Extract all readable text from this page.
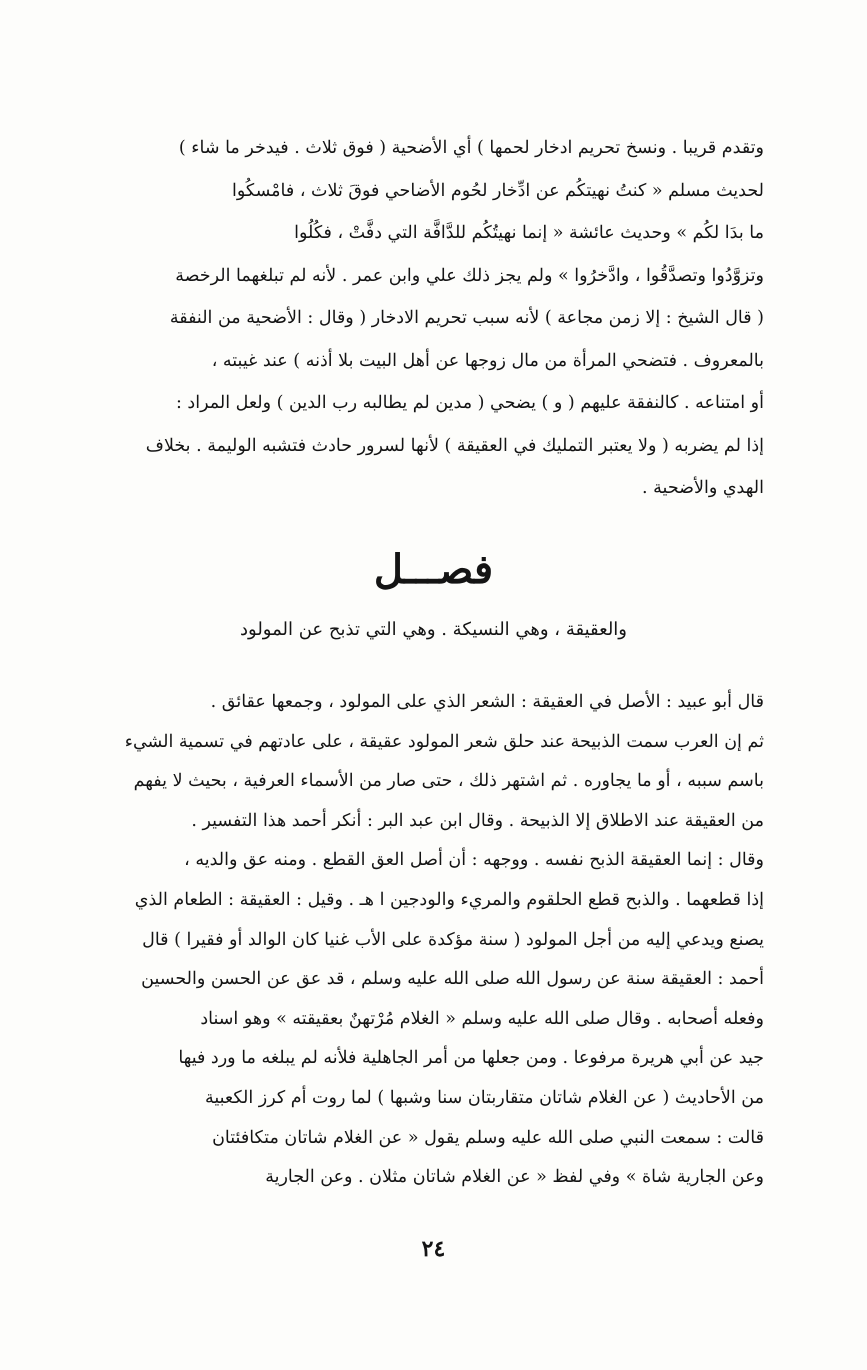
وتقدم قريبا . ونسخ تحريم ادخار لحمها ) أي الأضحية ( فوق ثلاث . فيدخر ما شاء )
لحديث مسلم « كنتُ نهيتكُم عن ادِّخار لحُوم الأضاحي فوقَ ثلاث ، فامْسكُوا
ما بدَا لكُم » وحديث عائشة « إنما نهيتُكُم للدَّافَّة التي دفَّتْ ، فكُلُوا
وتزوَّدُوا وتصدَّقُوا ، وادَّخرُوا » ولم يجز ذلك علي وابن عمر . لأنه لم تبلغهما الرخصة
( قال الشيخ : إلا زمن مجاعة ) لأنه سبب تحريم الادخار ( وقال : الأضحية من النفقة
بالمعروف . فتضحي المرأة من مال زوجها عن أهل البيت بلا أذنه ) عند غيبته ،
أو امتناعه . كالنفقة عليهم ( و ) يضحي ( مدين لم يطالبه رب الدين ) ولعل المراد :
إذا لم يضربه ( ولا يعتبر التمليك في العقيقة ) لأنها لسرور حادث فتشبه الوليمة . بخلاف
الهدي والأضحية .
فصـــل

والعقيقة ، وهي النسيكة . وهي التي تذبح عن المولود

قال أبو عبيد : الأصل في العقيقة : الشعر الذي على المولود ، وجمعها عقائق .
ثم إن العرب سمت الذبيحة عند حلق شعر المولود عقيقة ، على عادتهم في تسمية الشيء
باسم سببه ، أو ما يجاوره . ثم اشتهر ذلك ، حتى صار من الأسماء العرفية ، بحيث لا يفهم
من العقيقة عند الاطلاق إلا الذبيحة . وقال ابن عبد البر : أنكر أحمد هذا التفسير .
وقال : إنما العقيقة الذبح نفسه . ووجهه : أن أصل العق القطع . ومنه عق والديه ،
إذا قطعهما . والذبح قطع الحلقوم والمريء والودجين ا هـ . وقيل : العقيقة : الطعام الذي
يصنع ويدعي إليه من أجل المولود ( سنة مؤكدة على الأب غنيا كان الوالد أو فقيرا ) قال
أحمد : العقيقة سنة عن رسول الله صلى الله عليه وسلم ، قد عق عن الحسن والحسين
وفعله أصحابه . وقال صلى الله عليه وسلم « الغلام مُرْتهنٌ بعقيقته » وهو اسناد
جيد عن أبي هريرة مرفوعا . ومن جعلها من أمر الجاهلية فلأنه لم يبلغه ما ورد فيها
من الأحاديث ( عن الغلام شاتان متقاربتان سنا وشبها ) لما روت أم كرز الكعبية
قالت : سمعت النبي صلى الله عليه وسلم يقول « عن الغلام شاتان متكافئتان
وعن الجارية شاة » وفي لفظ « عن الغلام شاتان مثلان . وعن الجارية
٢٤
